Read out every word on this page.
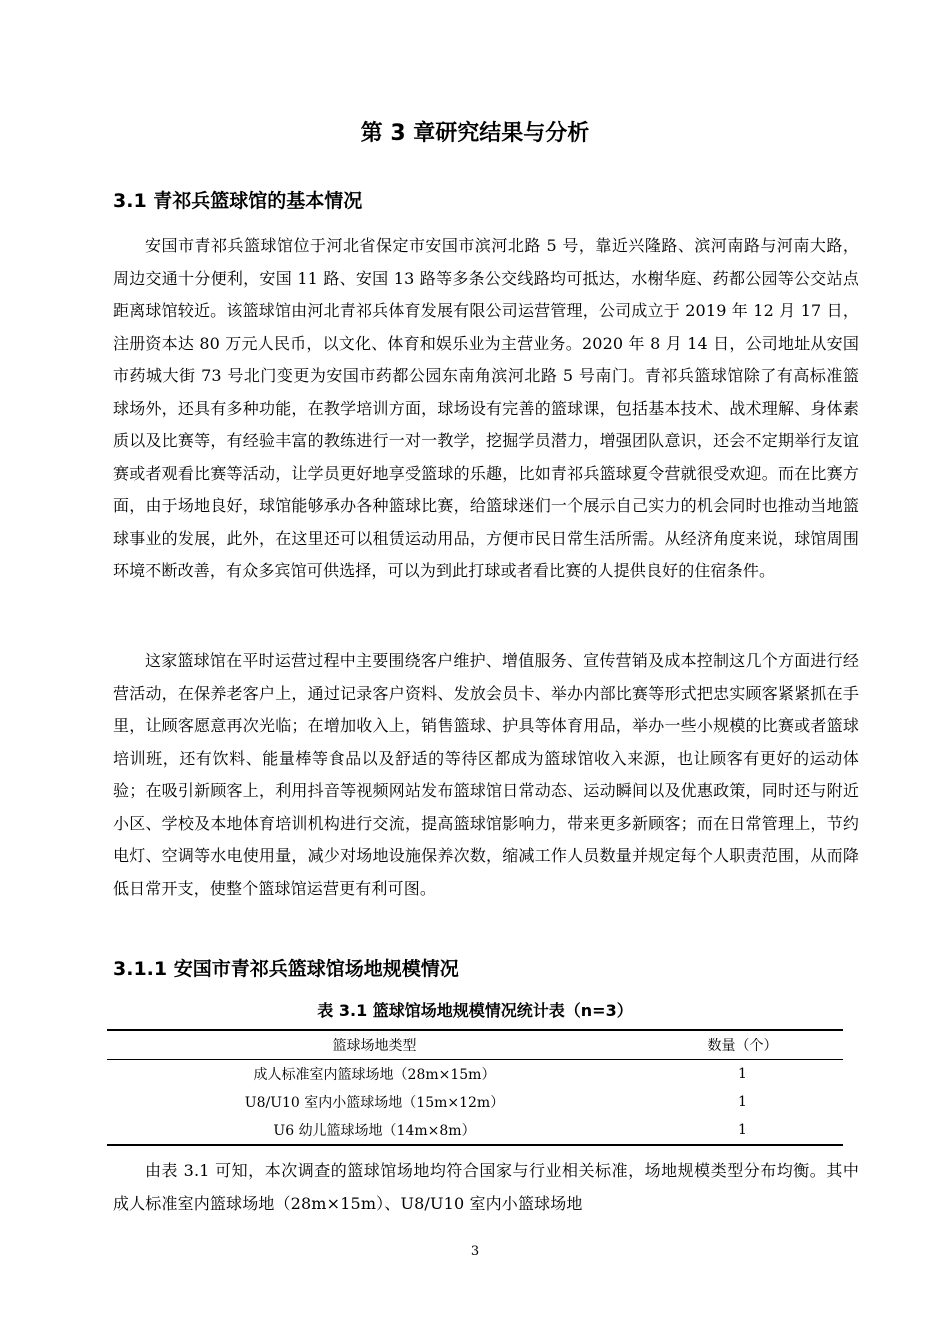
第 3 章研究结果与分析
3.1 青祁兵篮球馆的基本情况

安国市青祁兵篮球馆位于河北省保定市安国市滨河北路 5 号，靠近兴隆路、滨河南路与河南大路，周边交通十分便利，安国 11 路、安国 13 路等多条公交线路均可抵达，水榭华庭、药都公园等公交站点距离球馆较近。该篮球馆由河北青祁兵体育发展有限公司运营管理，公司成立于 2019 年 12 月 17 日，注册资本达 80 万元人民币，以文化、体育和娱乐业为主营业务。2020 年 8 月 14 日，公司地址从安国市药城大街 73 号北门变更为安国市药都公园东南角滨河北路 5 号南门。青祁兵篮球馆除了有高标准篮球场外，还具有多种功能，在教学培训方面，球场设有完善的篮球课，包括基本技术、战术理解、身体素质以及比赛等，有经验丰富的教练进行一对一教学，挖掘学员潜力，增强团队意识，还会不定期举行友谊赛或者观看比赛等活动，让学员更好地享受篮球的乐趣，比如青祁兵篮球夏令营就很受欢迎。而在比赛方面，由于场地良好，球馆能够承办各种篮球比赛，给篮球迷们一个展示自己实力的机会同时也推动当地篮球事业的发展，此外，在这里还可以租赁运动用品，方便市民日常生活所需。从经济角度来说，球馆周围环境不断改善，有众多宾馆可供选择，可以为到此打球或者看比赛的人提供良好的住宿条件。

这家篮球馆在平时运营过程中主要围绕客户维护、增值服务、宣传营销及成本控制这几个方面进行经营活动，在保养老客户上，通过记录客户资料、发放会员卡、举办内部比赛等形式把忠实顾客紧紧抓在手里，让顾客愿意再次光临；在增加收入上，销售篮球、护具等体育用品，举办一些小规模的比赛或者篮球培训班，还有饮料、能量棒等食品以及舒适的等待区都成为篮球馆收入来源，也让顾客有更好的运动体验；在吸引新顾客上，利用抖音等视频网站发布篮球馆日常动态、运动瞬间以及优惠政策，同时还与附近小区、学校及本地体育培训机构进行交流，提高篮球馆影响力，带来更多新顾客；而在日常管理上，节约电灯、空调等水电使用量，减少对场地设施保养次数，缩减工作人员数量并规定每个人职责范围，从而降低日常开支，使整个篮球馆运营更有利可图。

3.1.1 安国市青祁兵篮球馆场地规模情况
表 3.1 篮球馆场地规模情况统计表（n=3）
篮球场地类型	数量（个）
成人标准室内篮球场地（28m×15m）	1
U8/U10 室内小篮球场地（15m×12m）	1
U6 幼儿篮球场地（14m×8m）	1

由表 3.1 可知，本次调查的篮球馆场地均符合国家与行业相关标准，场地规模类型分布均衡。其中成人标准室内篮球场地（28m×15m）、U8/U10 室内小篮球场地

3
